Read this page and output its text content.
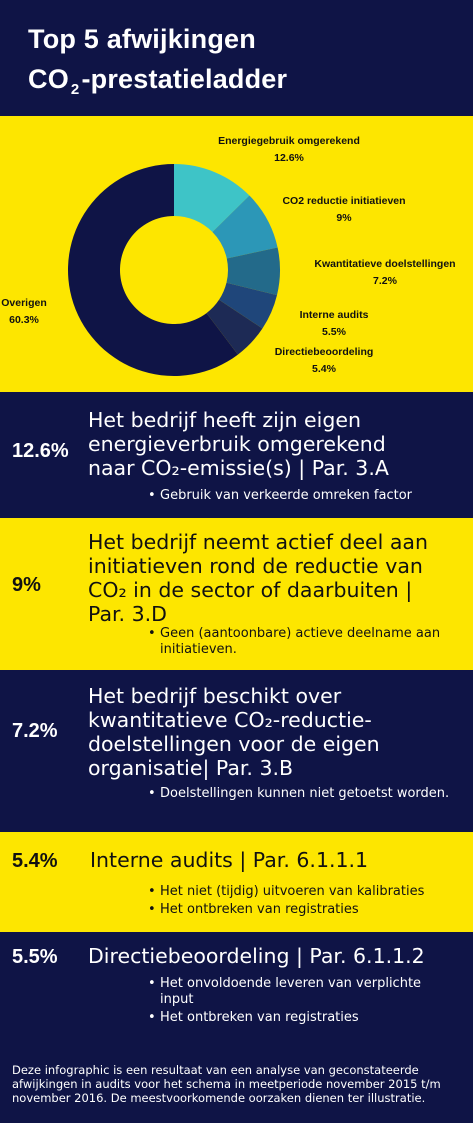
Top 5 afwijkingen
CO $_2$-prestatieladder
Energiegebruik omgerekend
12.6%
CO2 reductie initiatieven
9%
Kwantitatieve doelstellingen
7.2%
Interne audits
5.5%
Directiebeoordeling
5.4%
Overigen
60.3%
12.6%
Het bedrijf heeft zijn eigen
energieverbruik omgerekend
naar CO₂-emissie(s) | Par. 3.A
• Gebruik van verkeerde omreken factor
9%
Het bedrijf neemt actief deel aan
initiatieven rond de reductie van
CO₂ in de sector of daarbuiten |
Par. 3.D
• Geen (aantoonbare) actieve deelname aan initiatieven.
7.2%
Het bedrijf beschikt over
kwantitatieve CO₂-reductie-
doelstellingen voor de eigen
organisatie| Par. 3.B
• Doelstellingen kunnen niet getoetst worden.
5.4% Interne audits | Par. 6.1.1.1
• Het niet (tijdig) uitvoeren van kalibraties
• Het ontbreken van registraties
5.5% Directiebeoordeling | Par. 6.1.1.2
• Het onvoldoende leveren van verplichte input
• Het ontbreken van registraties

Deze infographic is een resultaat van een analyse van geconstateerde afwijkingen in audits voor het schema in meetperiode november 2015 t/m november 2016. De meestvoorkomende oorzaken dienen ter illustratie.
